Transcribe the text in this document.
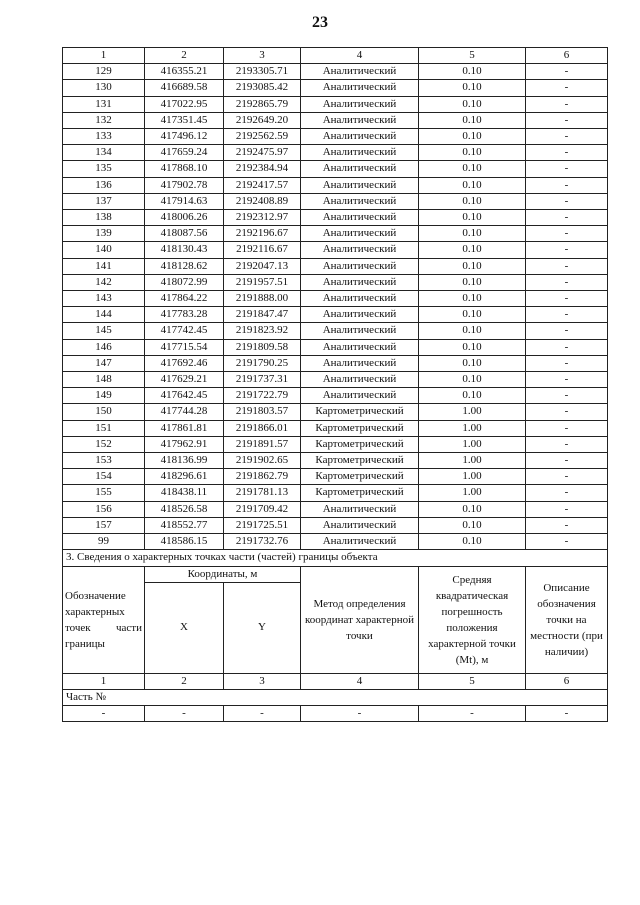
23
1	2	3	4	5	6
129	416355.21	2193305.71	Аналитический	0.10	-
130	416689.58	2193085.42	Аналитический	0.10	-
131	417022.95	2192865.79	Аналитический	0.10	-
132	417351.45	2192649.20	Аналитический	0.10	-
133	417496.12	2192562.59	Аналитический	0.10	-
134	417659.24	2192475.97	Аналитический	0.10	-
135	417868.10	2192384.94	Аналитический	0.10	-
136	417902.78	2192417.57	Аналитический	0.10	-
137	417914.63	2192408.89	Аналитический	0.10	-
138	418006.26	2192312.97	Аналитический	0.10	-
139	418087.56	2192196.67	Аналитический	0.10	-
140	418130.43	2192116.67	Аналитический	0.10	-
141	418128.62	2192047.13	Аналитический	0.10	-
142	418072.99	2191957.51	Аналитический	0.10	-
143	417864.22	2191888.00	Аналитический	0.10	-
144	417783.28	2191847.47	Аналитический	0.10	-
145	417742.45	2191823.92	Аналитический	0.10	-
146	417715.54	2191809.58	Аналитический	0.10	-
147	417692.46	2191790.25	Аналитический	0.10	-
148	417629.21	2191737.31	Аналитический	0.10	-
149	417642.45	2191722.79	Аналитический	0.10	-
150	417744.28	2191803.57	Картометрический	1.00	-
151	417861.81	2191866.01	Картометрический	1.00	-
152	417962.91	2191891.57	Картометрический	1.00	-
153	418136.99	2191902.65	Картометрический	1.00	-
154	418296.61	2191862.79	Картометрический	1.00	-
155	418438.11	2191781.13	Картометрический	1.00	-
156	418526.58	2191709.42	Аналитический	0.10	-
157	418552.77	2191725.51	Аналитический	0.10	-
99	418586.15	2191732.76	Аналитический	0.10	-
3. Сведения о характерных точках части (частей) границы объекта					
Обозначение характерных точек части границы	Координаты, м		Метод определения координат характерной точки	Средняя квадратическая погрешность положения характерной точки (Mt), м	Описание обозначения точки на местности (при наличии)
	X	Y			
1	2	3	4	5	6
Часть №					
-	-	-	-	-	-
